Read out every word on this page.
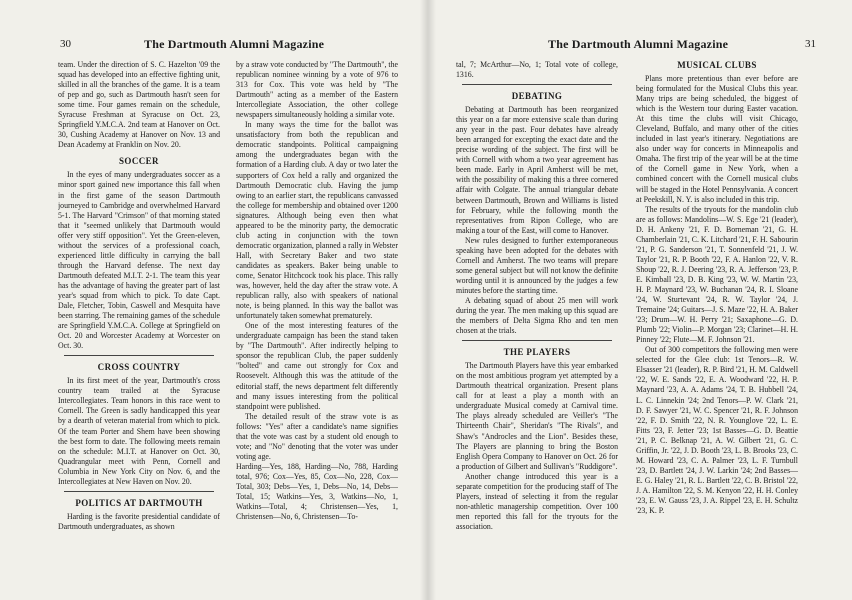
30	The Dartmouth Alumni Magazine

team. Under the direction of S. C. Hazelton '09 the squad has developed into an effective fighting unit, skilled in all the branches of the game. It is a team of pep and go, such as Dartmouth hasn't seen for some time. Four games remain on the schedule, Syracuse Freshman at Syracuse on Oct. 23, Springfield Y.M.C.A. 2nd team at Hanover on Oct. 30, Cushing Academy at Hanover on Nov. 13 and Dean Academy at Franklin on Nov. 20.

SOCCER

In the eyes of many undergraduates soccer as a minor sport gained new importance this fall when in the first game of the season Dartmouth journeyed to Cambridge and overwhelmed Harvard 5-1. The Harvard "Crimson" of that morning stated that it "seemed unlikely that Dartmouth would offer very stiff opposition". Yet the Green-eleven, without the services of a professional coach, experienced little difficulty in carrying the ball through the Harvard defense. The next day Dartmouth defeated M.I.T. 2-1. The team this year has the advantage of having the greater part of last year's squad from which to pick. To date Capt. Dale, Fletcher, Tobin, Caswell and Mesquita have been starring. The remaining games of the schedule are Springfield Y.M.C.A. College at Springfield on Oct. 20 and Worcester Academy at Worcester on Oct. 30.

CROSS COUNTRY

In its first meet of the year, Dartmouth's cross country team trailed at the Syracuse Intercollegiates. Team honors in this race went to Cornell. The Green is sadly handicapped this year by a dearth of veteran material from which to pick. Of the team Porter and Shem have been showing the best form to date. The following meets remain on the schedule: M.I.T. at Hanover on Oct. 30, Quadrangular meet with Penn, Cornell and Columbia in New York City on Nov. 6, and the Intercollegiates at New Haven on Nov. 20.

POLITICS AT DARTMOUTH

Harding is the favorite presidential candidate of Dartmouth undergraduates, as shown

by a straw vote conducted by "The Dartmouth", the republican nominee winning by a vote of 976 to 313 for Cox. This vote was held by "The Dartmouth" acting as a member of the Eastern Intercollegiate Association, the other college newspapers simultaneously holding a similar vote.

In many ways the time for the ballot was unsatisfactory from both the republican and democratic standpoints. Political campaigning among the undergraduates began with the formation of a Harding club. A day or two later the supporters of Cox held a rally and organized the Dartmouth Democratic club. Having the jump owing to an earlier start, the republicans canvassed the college for membership and obtained over 1200 signatures. Although being even then what appeared to be the minority party, the democratic club acting in conjunction with the town democratic organization, planned a rally in Webster Hall, with Secretary Baker and two state candidates as speakers. Baker being unable to come, Senator Hitchcock took his place. This rally was, however, held the day after the straw vote. A republican rally, also with speakers of national note, is being planned. In this way the ballot was unfortunately taken somewhat prematurely.

One of the most interesting features of the undergraduate campaign has been the stand taken by "The Dartmouth". After indirectly helping to sponsor the republican Club, the paper suddenly "bolted" and came out strongly for Cox and Roosevelt. Although this was the attitude of the editorial staff, the news department felt differently and many issues interesting from the political standpoint were published.

The detailed result of the straw vote is as follows: "Yes" after a candidate's name signifies that the vote was cast by a student old enough to vote; and "No" denoting that the voter was under voting age.

Harding—Yes, 188, Harding—No, 788, Harding total, 976; Cox—Yes, 85, Cox—No, 228, Cox—Total, 303; Debs—Yes, 1, Debs—No, 14, Debs—Total, 15; Watkins—Yes, 3, Watkins—No, 1, Watkins—Total, 4; Christensen—Yes, 1, Christensen—No, 6, Christensen—To-

The Dartmouth Alumni Magazine	31

tal, 7; McArthur—No, 1; Total vote of college, 1316.

DEBATING

Debating at Dartmouth has been reorganized this year on a far more extensive scale than during any year in the past. Four debates have already been arranged for excepting the exact date and the precise wording of the subject. The first will be with Cornell with whom a two year agreement has been made. Early in April Amherst will be met, with the possibility of making this a three cornered affair with Colgate. The annual triangular debate between Dartmouth, Brown and Williams is listed for February, while the following month the representatives from Ripon College, who are making a tour of the East, will come to Hanover.

New rules designed to further extemporaneous speaking have been adopted for the debates with Cornell and Amherst. The two teams will prepare some general subject but will not know the definite wording until it is announced by the judges a few minutes before the starting time.

A debating squad of about 25 men will work during the year. The men making up this squad are the members of Delta Sigma Rho and ten men chosen at the trials.

THE PLAYERS

The Dartmouth Players have this year embarked on the most ambitious program yet attempted by a Dartmouth theatrical organization. Present plans call for at least a play a month with an undergraduate Musical comedy at Carnival time. The plays already scheduled are Veiller's "The Thirteenth Chair", Sheridan's "The Rivals", and Shaw's "Androcles and the Lion". Besides these, The Players are planning to bring the Boston English Opera Company to Hanover on Oct. 26 for a production of Gilbert and Sullivan's "Ruddigore".

Another change introduced this year is a separate competition for the producing staff of The Players, instead of selecting it from the regular non-athletic managership competition. Over 100 men reported this fall for the tryouts for the association.

MUSICAL CLUBS

Plans more pretentious than ever before are being formulated for the Musical Clubs this year. Many trips are being scheduled, the biggest of which is the Western tour during Easter vacation. At this time the clubs will visit Chicago, Cleveland, Buffalo, and many other of the cities included in last year's itinerary. Negotiations are also under way for concerts in Minneapolis and Omaha. The first trip of the year will be at the time of the Cornell game in New York, when a combined concert with the Cornell musical clubs will be staged in the Hotel Pennsylvania. A concert at Peekskill, N. Y. is also included in this trip.

The results of the tryouts for the mandolin club are as follows: Mandolins—W. S. Ege '21 (leader), D. H. Ankeny '21, F. D. Borneman '21, G. H. Chamberlain '21, C. K. Litchard '21, F. H. Sabourin '21, P. G. Sanderson '21, T. Sonnenfeld '21, J. W. Taylor '21, R. P. Booth '22, F. A. Hanlon '22, V. R. Shoup '22, R. J. Deering '23, R. A. Jefferson '23, P. E. Kimball '23, D. B. King '23, W. W. Martin '23, H. P. Maynard '23, W. Buchanan '24, R. I. Sloane '24, W. Sturtevant '24, R. W. Taylor '24, J. Tremaine '24; Guitars—J. S. Maze '22, H. A. Baker '23; Drum—W. H. Perry '21; Saxaphone—G. D. Plumb '22; Violin—P. Morgan '23; Clarinet—H. H. Pinney '22; Flute—M. F. Johnson '21.

Out of 300 competitors the following men were selected for the Glee club: 1st Tenors—R. W. Elsasser '21 (leader), R. P. Bird '21, H. M. Caldwell '22, W. E. Sands '22, E. A. Woodward '22, H. P. Maynard '23, A. A. Adams '24, T. B. Hubbell '24, L. C. Linnekin '24; 2nd Tenors—P. W. Clark '21, D. F. Sawyer '21, W. C. Spencer '21, R. F. Johnson '22, F. D. Smith '22, N. R. Younglove '22, L. E. Fitts '23, F. Jetter '23; 1st Basses—G. D. Beattie '21, P. C. Belknap '21, A. W. Gilbert '21, G. C. Griffin, Jr. '22, J. D. Booth '23, L. B. Brooks '23, C. M. Howard '23, C. A. Palmer '23, L. F. Turnbull '23, D. Bartlett '24, J. W. Larkin '24; 2nd Basses—E. G. Haley '21, R. L. Bartlett '22, C. B. Bristol '22, J. A. Hamilton '22, S. M. Kenyon '22, H. H. Conley '23, E. W. Gauss '23, J. A. Rippel '23, E. H. Schultz '23, K. P.
